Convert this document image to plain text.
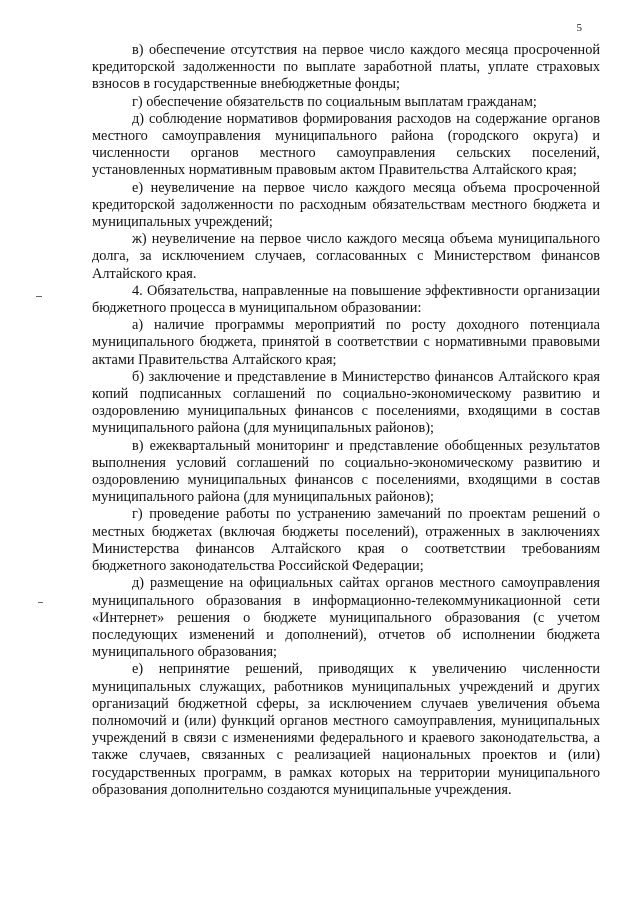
5

в) обеспечение отсутствия на первое число каждого месяца просроченной кредиторской задолженности по выплате заработной платы, уплате страховых взносов в государственные внебюджетные фонды;

г) обеспечение обязательств по социальным выплатам гражданам;

д) соблюдение нормативов формирования расходов на содержание органов местного самоуправления муниципального района (городского округа) и численности органов местного самоуправления сельских поселений, установленных нормативным правовым актом Правительства Алтайского края;

е) неувеличение на первое число каждого месяца объема просроченной кредиторской задолженности по расходным обязательствам местного бюджета и муниципальных учреждений;

ж) неувеличение на первое число каждого месяца объема муниципального долга, за исключением случаев, согласованных с Министерством финансов Алтайского края.

4. Обязательства, направленные на повышение эффективности организации бюджетного процесса в муниципальном образовании:

а) наличие программы мероприятий по росту доходного потенциала муниципального бюджета, принятой в соответствии с нормативными правовыми актами Правительства Алтайского края;

б) заключение и представление в Министерство финансов Алтайского края копий подписанных соглашений по социально-экономическому развитию и оздоровлению муниципальных финансов с поселениями, входящими в состав муниципального района (для муниципальных районов);

в) ежеквартальный мониторинг и представление обобщенных результатов выполнения условий соглашений по социально-экономическому развитию и оздоровлению муниципальных финансов с поселениями, входящими в состав муниципального района (для муниципальных районов);

г) проведение работы по устранению замечаний по проектам решений о местных бюджетах (включая бюджеты поселений), отраженных в заключениях Министерства финансов Алтайского края о соответствии требованиям бюджетного законодательства Российской Федерации;

д) размещение на официальных сайтах органов местного самоуправления муниципального образования в информационно-телекоммуникационной сети «Интернет» решения о бюджете муниципального образования (с учетом последующих изменений и дополнений), отчетов об исполнении бюджета муниципального образования;

е) непринятие решений, приводящих к увеличению численности муниципальных служащих, работников муниципальных учреждений и других организаций бюджетной сферы, за исключением случаев увеличения объема полномочий и (или) функций органов местного самоуправления, муниципальных учреждений в связи с изменениями федерального и краевого законодательства, а также случаев, связанных с реализацией национальных проектов и (или) государственных программ, в рамках которых на территории муниципального образования дополнительно создаются муниципальные учреждения.
